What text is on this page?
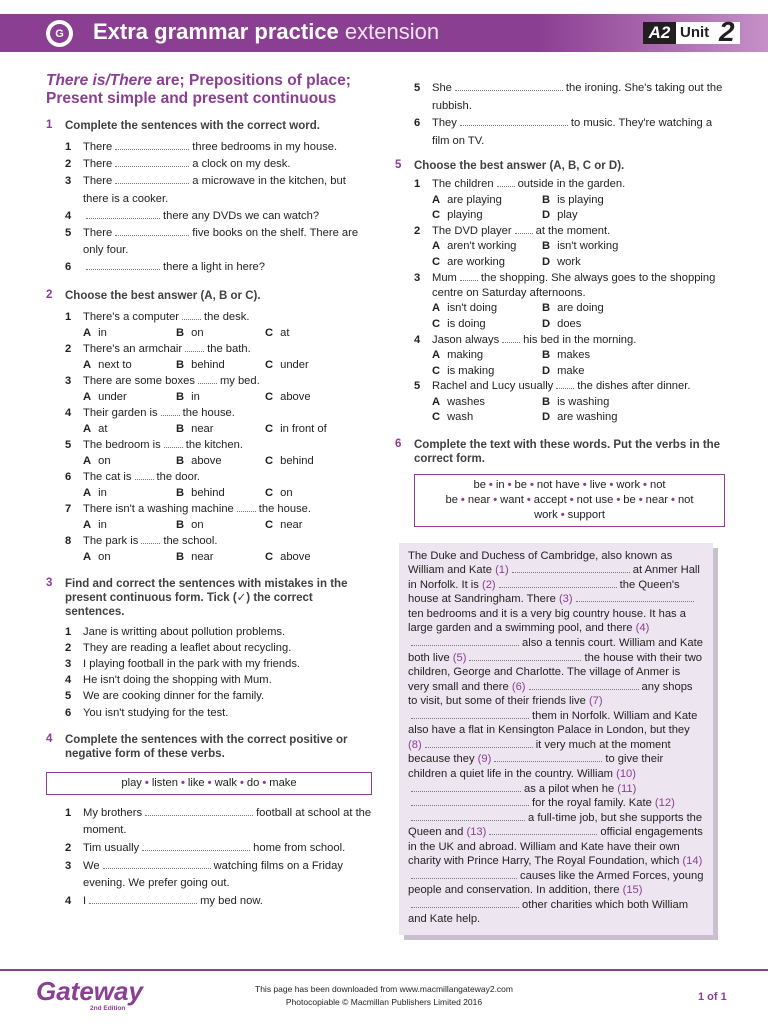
G Extra grammar practice extension	A2 Unit 2
There is/There are; Prepositions of place; Present simple and present continuous
1 Complete the sentences with the correct word.
1 There	three bedrooms in my house.
2 There	a clock on my desk.
3 There	a microwave in the kitchen, but there is a cooker.
4	there any DVDs we can watch?
5 There	five books on the shelf. There are only four.
6	there a light in here?
2 Choose the best answer (A, B or C).
1 There's a computer the desk.
A in	B on	C at
2 There's an armchair the bath.
A next to	B behind	C under
3 There are some boxes my bed.
A under	B in	C above
4 Their garden is the house.
A at	B near	C in front of
5 The bedroom is the kitchen.
A on	B above	C behind
6 The cat is the door.
A in	B behind	C on
7 There isn't a washing machine the house.
A in	B on	C near
8 The park is the school.
A on	B near	C above
3 Find and correct the sentences with mistakes in the present continuous form. Tick (✓) the correct sentences.
1 Jane is writting about pollution problems.
2 They are reading a leaflet about recycling.
3 I playing football in the park with my friends.
4 He isn't doing the shopping with Mum.
5 We are cooking dinner for the family.
6 You isn't studying for the test.
4 Complete the sentences with the correct positive or negative form of these verbs.
play • listen • like • walk • do • make
1 My brothers	football at school at the moment.
2 Tim usually	home from school.
3 We	watching films on a Friday evening. We prefer going out.
4 I	my bed now.
5 She	the ironing. She's taking out the rubbish.
6 They	to music. They're watching a film on TV.
5 Choose the best answer (A, B, C or D).
1 The children outside in the garden.
A are playing	B is playing
C playing	D play
2 The DVD player at the moment.
A aren't working B isn't working
C are working	D work
3 Mum the shopping. She always goes to the shopping centre on Saturday afternoons.
A isn't doing	B are doing
C is doing	D does
4 Jason always his bed in the morning.
A making	B makes
C is making	D make
5 Rachel and Lucy usually the dishes after dinner.
A washes	B is washing
C wash	D are washing
6 Complete the text with these words. Put the verbs in the correct form.
be • in • be • not have • live • work • not be • near • want • accept • not use • be • near • not work • support
The Duke and Duchess of Cambridge, also known as William and Kate (1)	at Anmer Hall in Norfolk. It is (2)	the Queen's house at Sandringham. There (3)ten bedrooms and it is a very big country house. It has a large garden and a swimming pool, and there (4)also a tennis court. William and Kate both live (5)	the house with their two children, George and Charlotte. The village of Anmer is very small and there (6)	any shops to visit, but some of their friends live (7)them in Norfolk. William and Kate also have a flat in Kensington Palace in London, but they (8)	it very much at the moment because they (9)	to give their children a quiet life in the country. William (10)as a pilot when he (11)for the royal family. Kate (12)a full-time job, but she supports the Queen and (13)	official engagements in the UK and abroad. William and Kate have their own charity with Prince Harry, The Royal Foundation, which (14)causes like the Armed Forces, young people and conservation. In addition, there (15)other charities which both William and Kate help.
Gateway
2nd Edition
This page has been downloaded from www.macmillangateway2.com
Photocopiable © Macmillan Publishers Limited 2016	1 of 1
